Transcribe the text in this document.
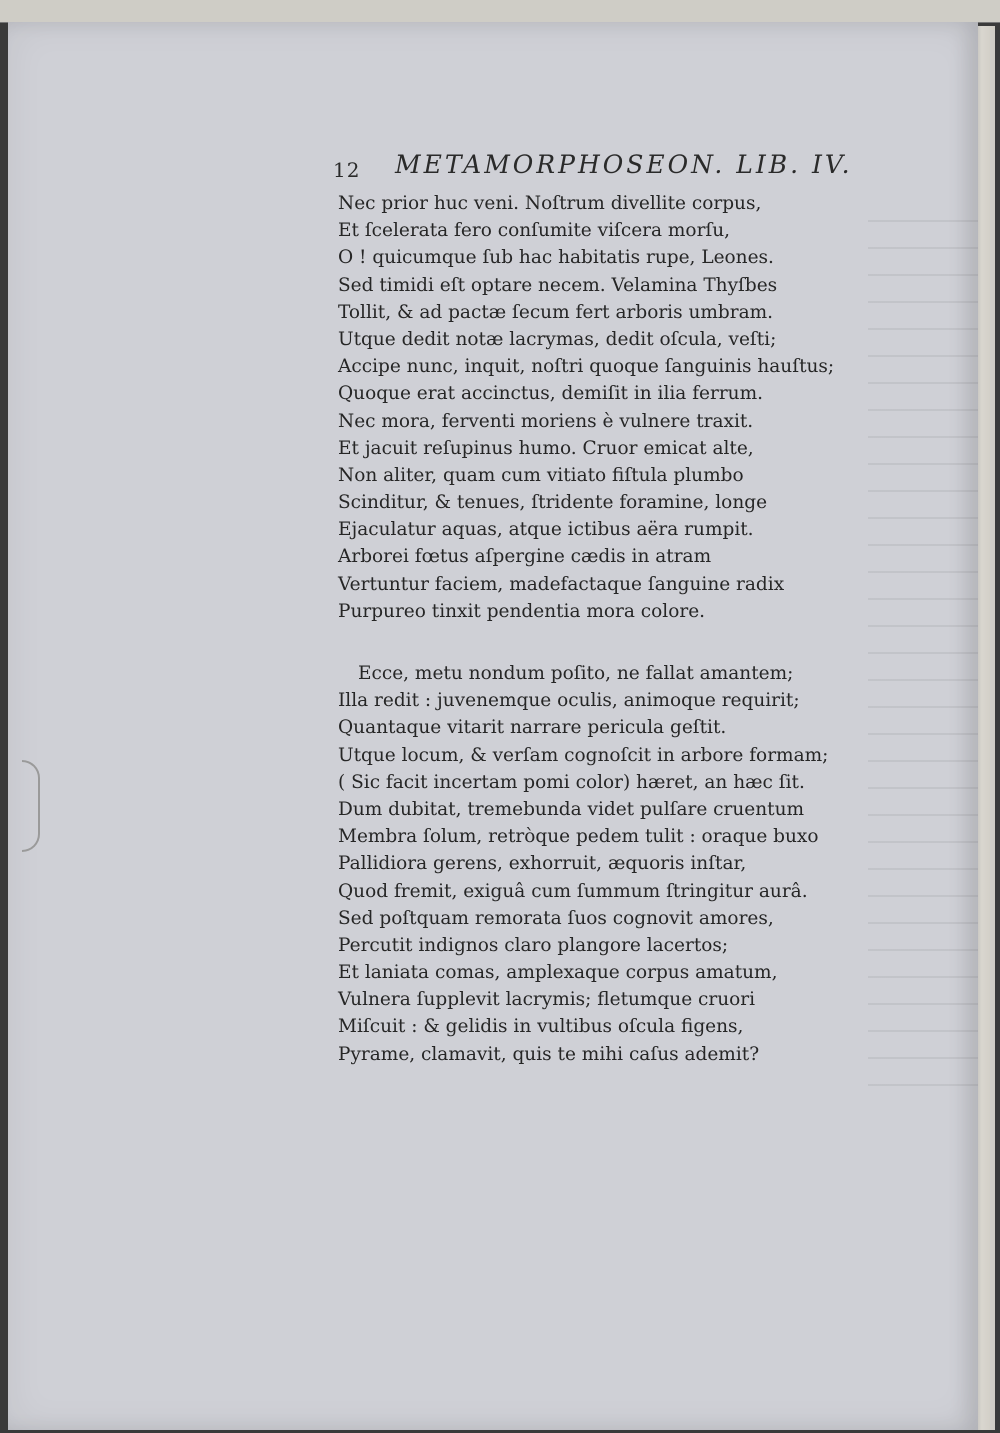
12 METAMORPHOSEON. LIB. IV.
Nec prior huc veni. Noſtrum divellite corpus,
Et ſcelerata fero conſumite viſcera morſu,
O ! quicumque ſub hac habitatis rupe, Leones.
Sed timidi eſt optare necem. Velamina Thyſbes
Tollit, & ad pactæ ſecum fert arboris umbram.
Utque dedit notæ lacrymas, dedit oſcula, veſti;
Accipe nunc, inquit, noſtri quoque ſanguinis hauſtus;
Quoque erat accinctus, demiſit in ilia ferrum.
Nec mora, ferventi moriens è vulnere traxit.
Et jacuit reſupinus humo. Cruor emicat alte,
Non aliter, quam cum vitiato fiſtula plumbo
Scinditur, & tenues, ſtridente foramine, longe
Ejaculatur aquas, atque ictibus aëra rumpit.
Arborei fœtus aſpergine cædis in atram
Vertuntur faciem, madefactaque ſanguine radix
Purpureo tinxit pendentia mora colore.
Ecce, metu nondum poſito, ne fallat amantem;
Illa redit : juvenemque oculis, animoque requirit;
Quantaque vitarit narrare pericula geſtit.
Utque locum, & verſam cognoſcit in arbore formam;
( Sic facit incertam pomi color) hæret, an hæc ſit.
Dum dubitat, tremebunda videt pulſare cruentum
Membra ſolum, retròque pedem tulit : oraque buxo
Pallidiora gerens, exhorruit, æquoris inſtar,
Quod fremit, exiguâ cum ſummum ſtringitur aurâ.
Sed poſtquam remorata ſuos cognovit amores,
Percutit indignos claro plangore lacertos;
Et laniata comas, amplexaque corpus amatum,
Vulnera ſupplevit lacrymis; fletumque cruori
Miſcuit : & gelidis in vultibus oſcula figens,
Pyrame, clamavit, quis te mihi caſus ademit?
